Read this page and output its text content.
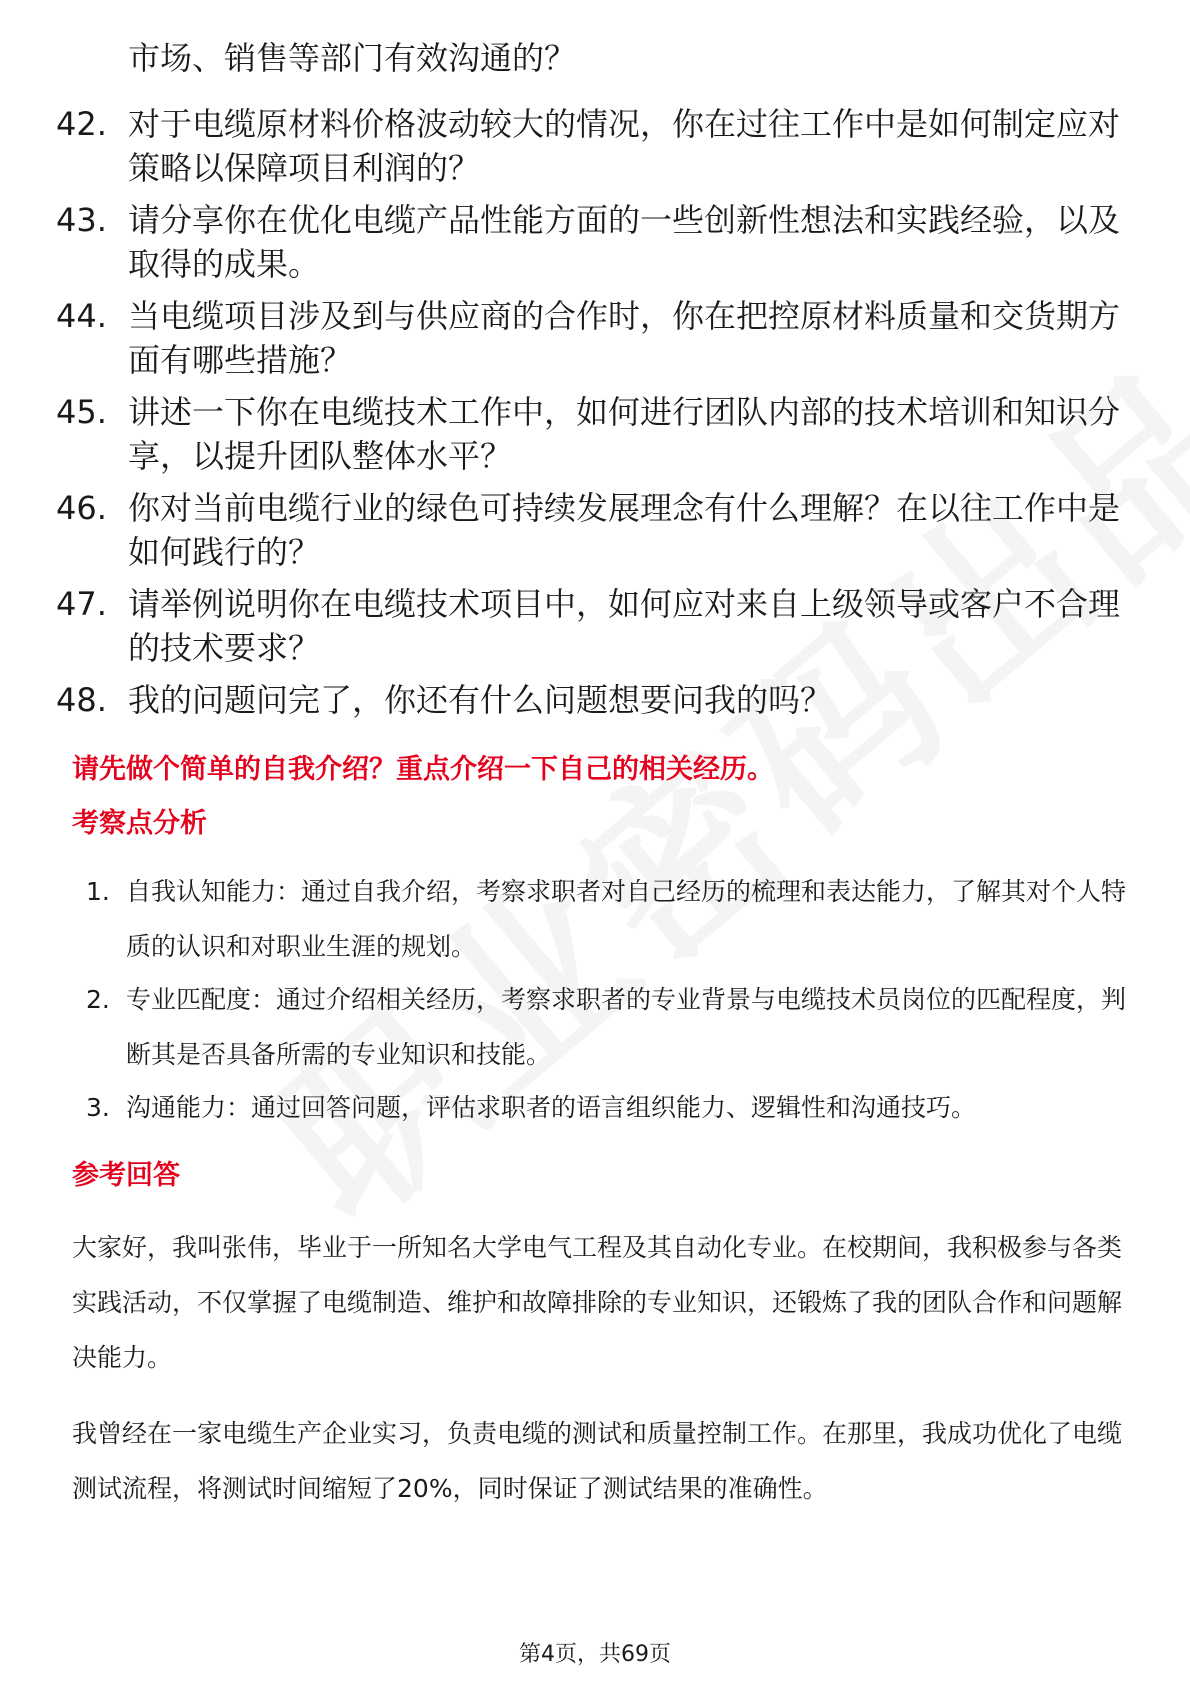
市场、销售等部门有效沟通的？
42. 对于电缆原材料价格波动较大的情况，你在过往工作中是如何制定应对策略以保障项目利润的？
43. 请分享你在优化电缆产品性能方面的一些创新性想法和实践经验，以及取得的成果。
44. 当电缆项目涉及到与供应商的合作时，你在把控原材料质量和交货期方面有哪些措施？
45. 讲述一下你在电缆技术工作中，如何进行团队内部的技术培训和知识分享，以提升团队整体水平？
46. 你对当前电缆行业的绿色可持续发展理念有什么理解？在以往工作中是如何践行的？
47. 请举例说明你在电缆技术项目中，如何应对来自上级领导或客户不合理的技术要求？
48. 我的问题问完了，你还有什么问题想要问我的吗？
请先做个简单的自我介绍？重点介绍一下自己的相关经历。
考察点分析
1. 自我认知能力：通过自我介绍，考察求职者对自己经历的梳理和表达能力，了解其对个人特质的认识和对职业生涯的规划。
2. 专业匹配度：通过介绍相关经历，考察求职者的专业背景与电缆技术员岗位的匹配程度，判断其是否具备所需的专业知识和技能。
3. 沟通能力：通过回答问题，评估求职者的语言组织能力、逻辑性和沟通技巧。
参考回答
大家好，我叫张伟，毕业于一所知名大学电气工程及其自动化专业。在校期间，我积极参与各类实践活动，不仅掌握了电缆制造、维护和故障排除的专业知识，还锻炼了我的团队合作和问题解决能力。
我曾经在一家电缆生产企业实习，负责电缆的测试和质量控制工作。在那里，我成功优化了电缆测试流程，将测试时间缩短了20%，同时保证了测试结果的准确性。
第4页，共69页
